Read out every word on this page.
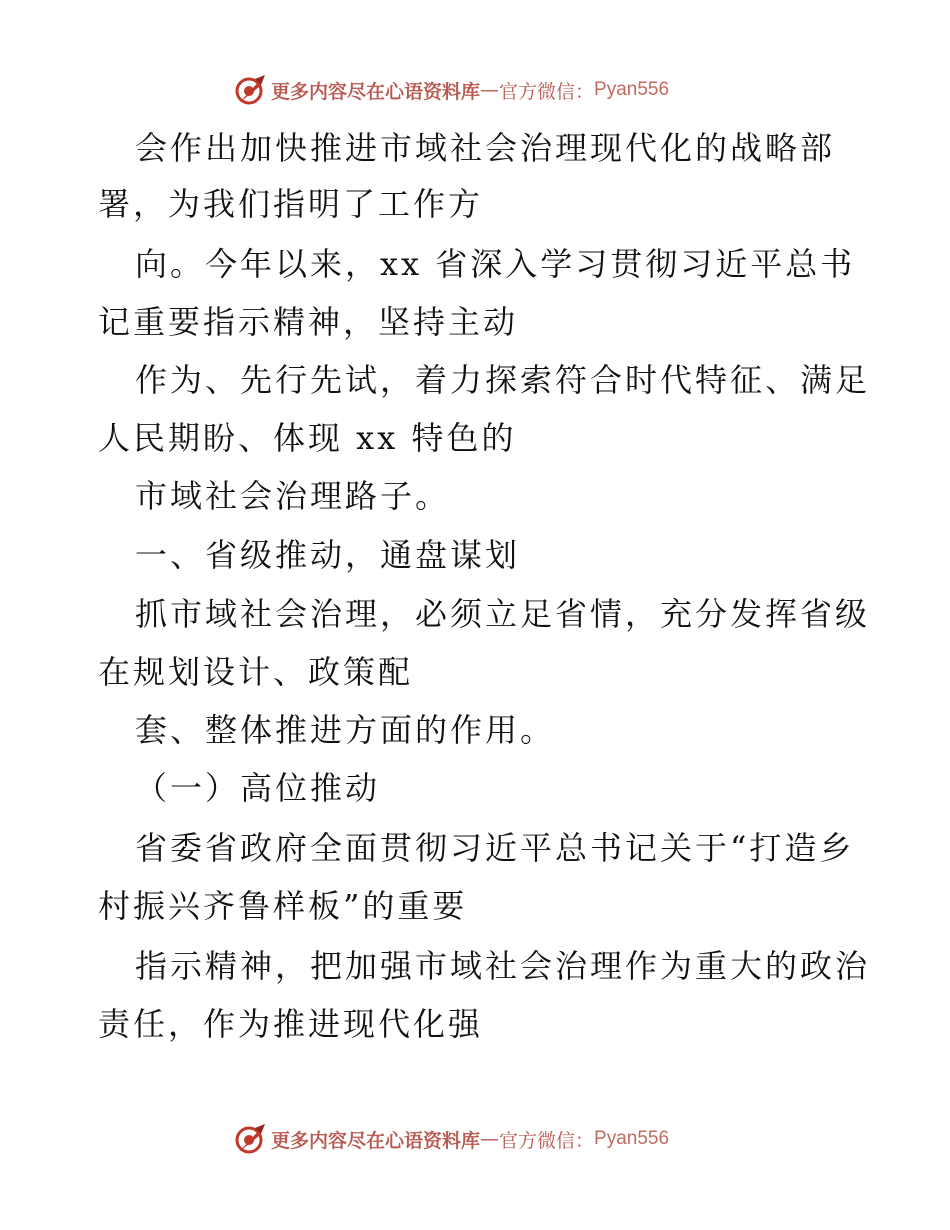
更多内容尽在心语资料库 — 官方微信： Pyan556

会作出加快推进市域社会治理现代化的战略部

署，为我们指明了工作方

向。今年以来，xx 省深入学习贯彻习近平总书

记重要指示精神，坚持主动

作为、先行先试，着力探索符合时代特征、满足

人民期盼、体现 xx 特色的

市域社会治理路子。

一、省级推动，通盘谋划

抓市域社会治理，必须立足省情，充分发挥省级

在规划设计、政策配

套、整体推进方面的作用。

（一）高位推动

省委省政府全面贯彻习近平总书记关于“打造乡

村振兴齐鲁样板”的重要

指示精神，把加强市域社会治理作为重大的政治

责任，作为推进现代化强

更多内容尽在心语资料库 — 官方微信： Pyan556
